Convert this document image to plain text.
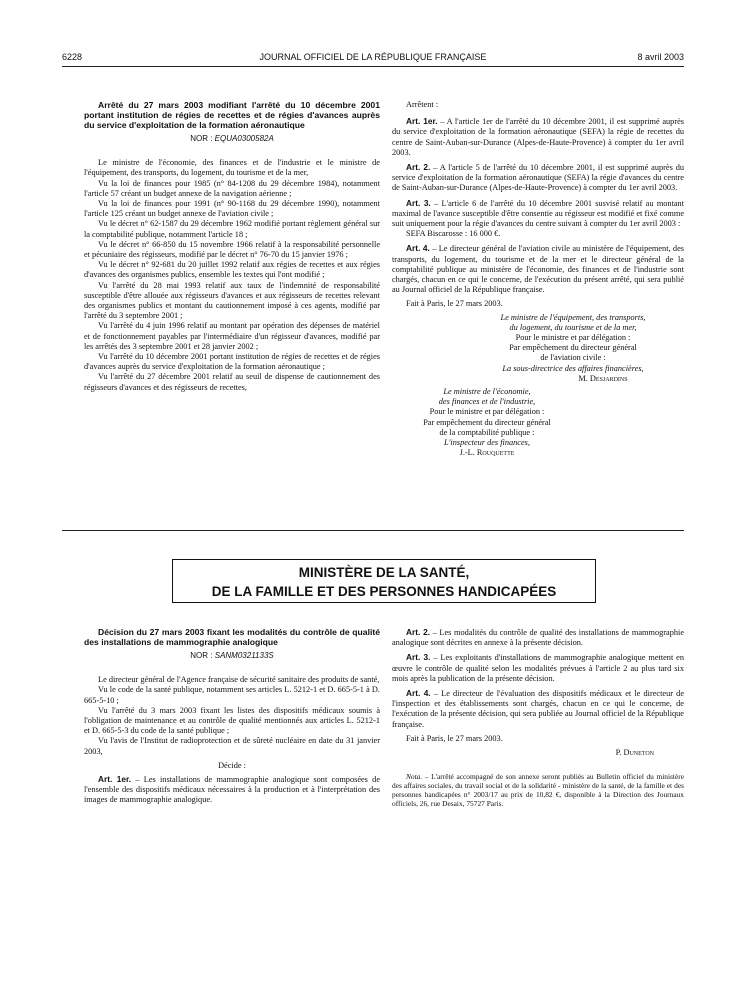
6228	JOURNAL OFFICIEL DE LA RÉPUBLIQUE FRANÇAISE	8 avril 2003
Arrêté du 27 mars 2003 modifiant l'arrêté du 10 décembre 2001 portant institution de régies de recettes et de régies d'avances auprès du service d'exploitation de la formation aéronautique

NOR : EQUA0300582A

Le ministre de l'économie, des finances et de l'industrie et le ministre de l'équipement, des transports, du logement, du tourisme et de la mer,

Vu la loi de finances pour 1985 (n° 84-1208 du 29 décembre 1984), notamment l'article 57 créant un budget annexe de la navigation aérienne ;

Vu la loi de finances pour 1991 (n° 90-1168 du 29 décembre 1990), notamment l'article 125 créant un budget annexe de l'aviation civile ;

Vu le décret n° 62-1587 du 29 décembre 1962 modifié portant règlement général sur la comptabilité publique, notamment l'article 18 ;

Vu le décret n° 66-850 du 15 novembre 1966 relatif à la responsabilité personnelle et pécuniaire des régisseurs, modifié par le décret n° 76-70 du 15 janvier 1976 ;

Vu le décret n° 92-681 du 20 juillet 1992 relatif aux régies de recettes et aux régies d'avances des organismes publics, ensemble les textes qui l'ont modifié ;

Vu l'arrêté du 28 mai 1993 relatif aux taux de l'indemnité de responsabilité susceptible d'être allouée aux régisseurs d'avances et aux régisseurs de recettes relevant des organismes publics et montant du cautionnement imposé à ces agents, modifié par l'arrêté du 3 septembre 2001 ;

Vu l'arrêté du 4 juin 1996 relatif au montant par opération des dépenses de matériel et de fonctionnement payables par l'intermédiaire d'un régisseur d'avances, modifié par les arrêtés des 3 septembre 2001 et 28 janvier 2002 ;

Vu l'arrêté du 10 décembre 2001 portant institution de régies de recettes et de régies d'avances auprès du service d'exploitation de la formation aéronautique ;

Vu l'arrêté du 27 décembre 2001 relatif au seuil de dispense de cautionnement des régisseurs d'avances et des régisseurs de recettes,

Arrêtent :

Art. 1er. – A l'article 1er de l'arrêté du 10 décembre 2001, il est supprimé auprès du service d'exploitation de la formation aéronautique (SEFA) la régie de recettes du centre de Saint-Auban-sur-Durance (Alpes-de-Haute-Provence) à compter du 1er avril 2003.

Art. 2. – A l'article 5 de l'arrêté du 10 décembre 2001, il est supprimé auprès du service d'exploitation de la formation aéronautique (SEFA) la régie d'avances du centre de Saint-Auban-sur-Durance (Alpes-de-Haute-Provence) à compter du 1er avril 2003.

Art. 3. – L'article 6 de l'arrêté du 10 décembre 2001 susvisé relatif au montant maximal de l'avance susceptible d'être consentie au régisseur est modifié et fixé comme suit uniquement pour la régie d'avances du centre suivant à compter du 1er avril 2003 :

SEFA Biscarosse : 16 000 €.

Art. 4. – Le directeur général de l'aviation civile au ministère de l'équipement, des transports, du logement, du tourisme et de la mer et le directeur général de la comptabilité publique au ministère de l'économie, des finances et de l'industrie sont chargés, chacun en ce qui le concerne, de l'exécution du présent arrêté, qui sera publié au Journal officiel de la République française.

Fait à Paris, le 27 mars 2003.

Le ministre de l'équipement, des transports,
du logement, du tourisme et de la mer,
Pour le ministre et par délégation :
Par empêchement du directeur général
de l'aviation civile :
La sous-directrice des affaires financières,
M. Desjardins
Le ministre de l'économie,
des finances et de l'industrie,
Pour le ministre et par délégation :
Par empêchement du directeur général
de la comptabilité publique :
L'inspecteur des finances,
J.-L. Rouquette
MINISTÈRE DE LA SANTÉ,
DE LA FAMILLE ET DES PERSONNES HANDICAPÉES
Décision du 27 mars 2003 fixant les modalités du contrôle de qualité des installations de mammographie analogique

NOR : SANM0321133S

Le directeur général de l'Agence française de sécurité sanitaire des produits de santé,

Vu le code de la santé publique, notamment ses articles L. 5212-1 et D. 665-5-1 à D. 665-5-10 ;

Vu l'arrêté du 3 mars 2003 fixant les listes des dispositifs médicaux soumis à l'obligation de maintenance et au contrôle de qualité mentionnés aux articles L. 5212-1 et D. 665-5-3 du code de la santé publique ;

Vu l'avis de l'Institut de radioprotection et de sûreté nucléaire en date du 31 janvier 2003,

Décide :

Art. 1er. – Les installations de mammographie analogique sont composées de l'ensemble des dispositifs médicaux nécessaires à la production et à l'interprétation des images de mammographie analogique.

Art. 2. – Les modalités du contrôle de qualité des installations de mammographie analogique sont décrites en annexe à la présente décision.

Art. 3. – Les exploitants d'installations de mammographie analogique mettent en œuvre le contrôle de qualité selon les modalités prévues à l'article 2 au plus tard six mois après la publication de la présente décision.

Art. 4. – Le directeur de l'évaluation des dispositifs médicaux et le directeur de l'inspection et des établissements sont chargés, chacun en ce qui le concerne, de l'exécution de la présente décision, qui sera publiée au Journal officiel de la République française.

Fait à Paris, le 27 mars 2003.

P. Duneton

Nota. – L'arrêté accompagné de son annexe seront publiés au Bulletin officiel du ministère des affaires sociales, du travail social et de la solidarité - ministère de la santé, de la famille et des personnes handicapées n° 2003/17 au prix de 10,82 €, disponible à la Direction des Journaux officiels, 26, rue Desaix, 75727 Paris.
